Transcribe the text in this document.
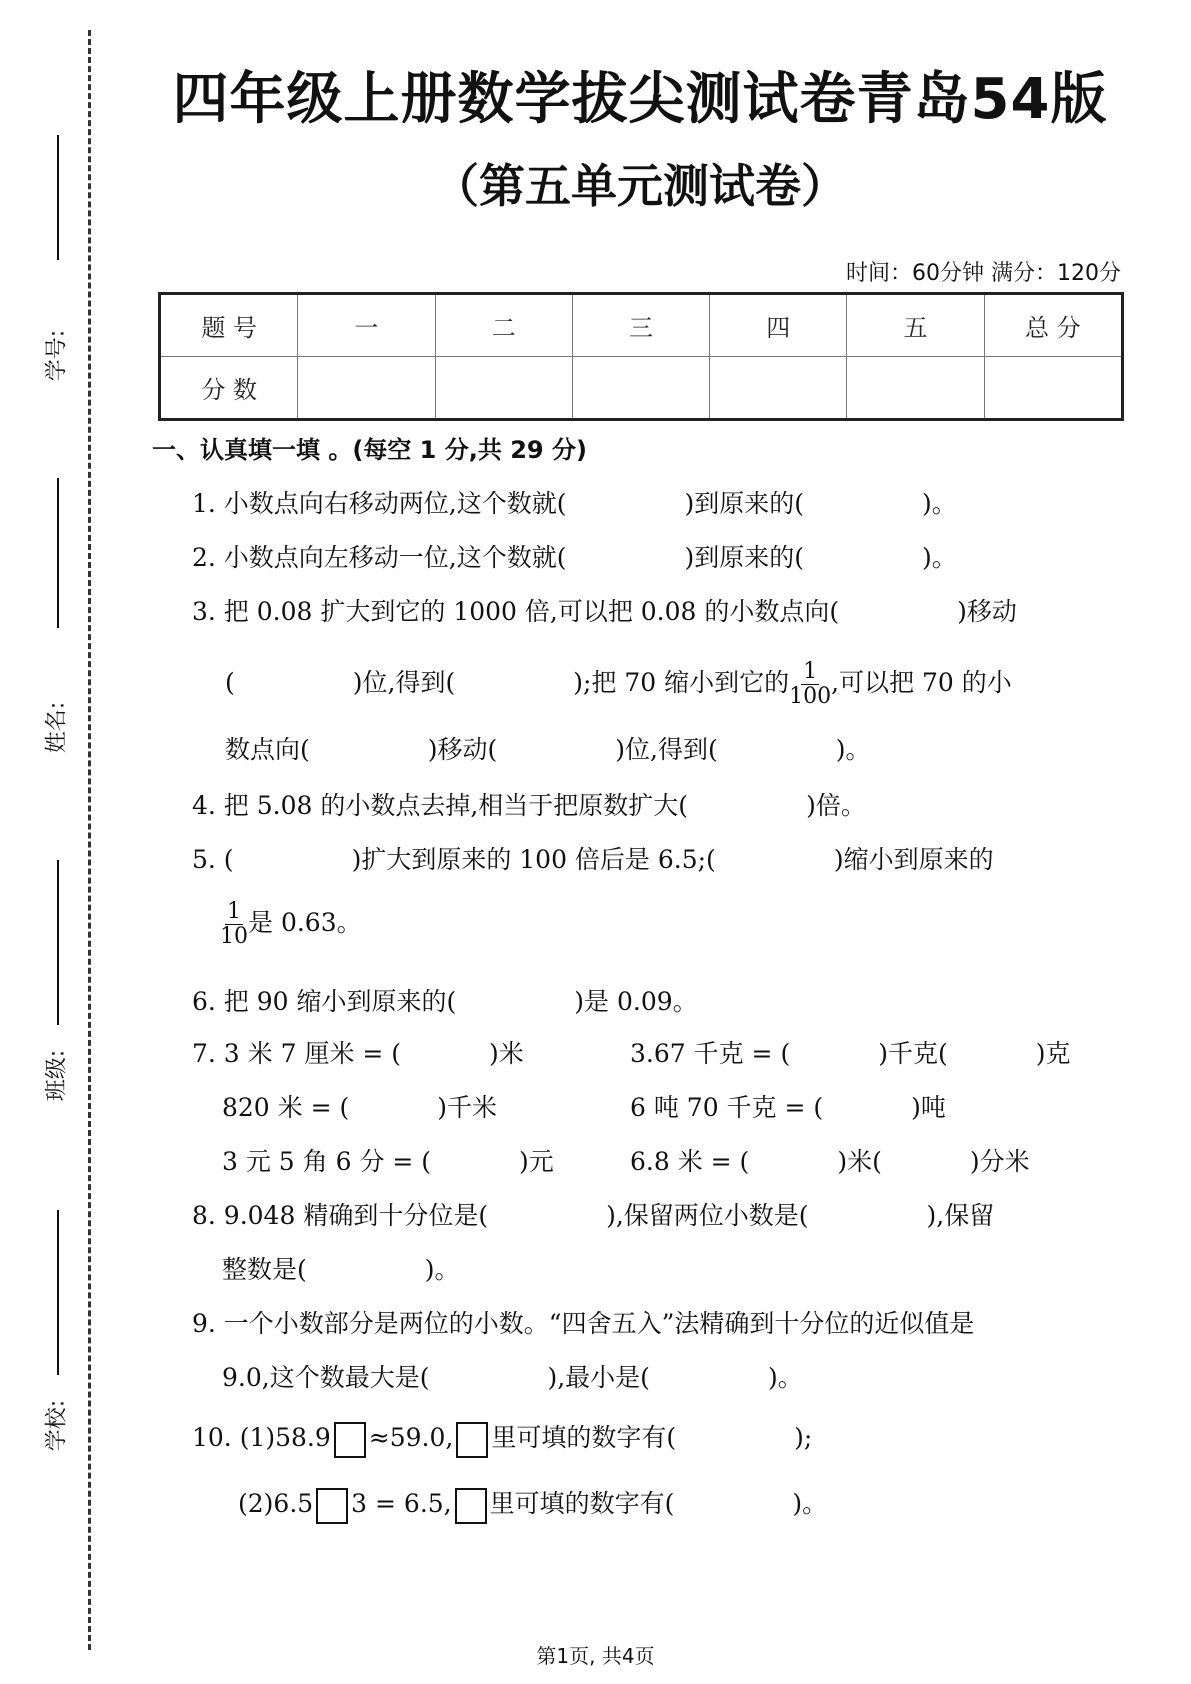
学号:
姓名:
班级:
学校:
四年级上册数学拔尖测试卷青岛54版
（第五单元测试卷）
时间：60分钟 满分：120分
题 号	一	二	三	四	五	总 分
分 数						
一、认真填一填 。(每空 1 分,共 29 分)
1. 小数点向右移动两位,这个数就(	)到原来的(	)。
2. 小数点向左移动一位,这个数就(	)到原来的(	)。
3. 把 0.08 扩大到它的 1000 倍,可以把 0.08 的小数点向(	)移动
(	)位,得到(	);把 70 缩小到它的 $\frac{1}{100}$ ,可以把 70 的小
数点向(	)移动(	)位,得到(	)。
4. 把 5.08 的小数点去掉,相当于把原数扩大(	)倍。
5. (	)扩大到原来的 100 倍后是 6.5;(	)缩小到原来的
$\frac{1}{10}$ 是 0.63。
6. 把 90 缩小到原来的(	)是 0.09。
7. 3 米 7 厘米 = (	)米	3.67 千克 = (	)千克(	)克
820 米 = (	)千米	6 吨 70 千克 = (	)吨
3 元 5 角 6 分 = (	)元	6.8 米 = (	)米(	)分米
8. 9.048 精确到十分位是(	),保留两位小数是(	),保留
整数是(	)。
9. 一个小数部分是两位的小数。“四舍五入”法精确到十分位的近似值是
9.0,这个数最大是(	),最小是(	)。
10. (1)58.9 ≈59.0, 里可填的数字有(	);
(2)6.5 3 = 6.5, 里可填的数字有(	)。
第1页, 共4页
